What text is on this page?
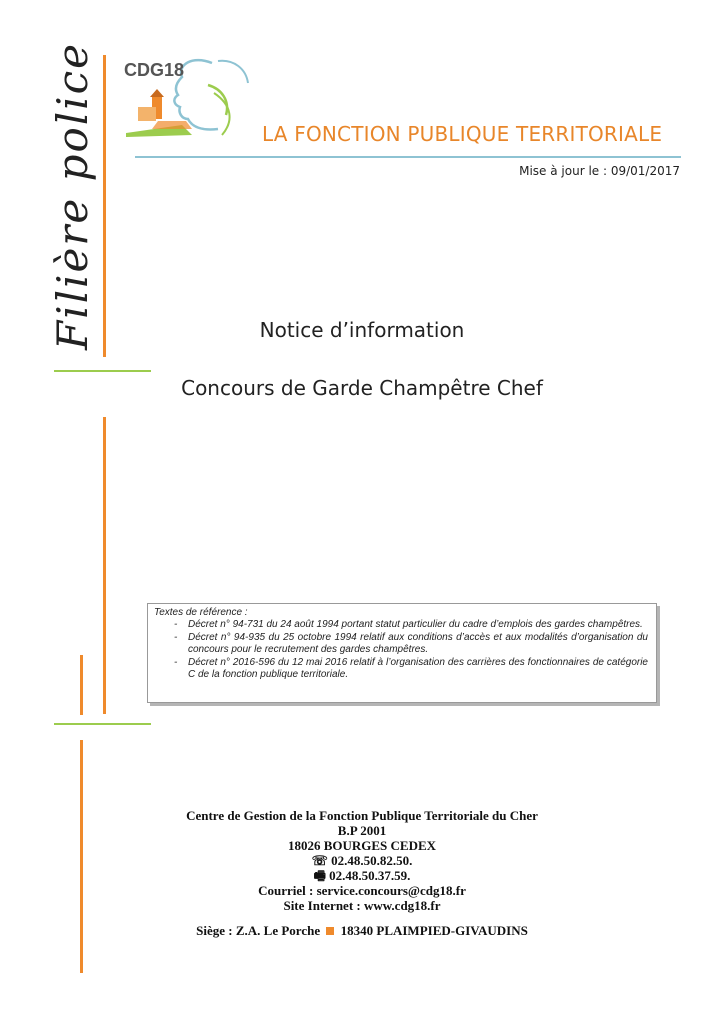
Filière police CDG18
LA FONCTION PUBLIQUE TERRITORIALE
Mise à jour le : 09/01/2017
Notice d’information
Concours de Garde Champêtre Chef
Textes de référence :
-	Décret n° 94-731 du 24 août 1994 portant statut particulier du cadre d’emplois des gardes champêtres.
-	Décret n° 94-935 du 25 octobre 1994 relatif aux conditions d’accès et aux modalités d’organisation du concours pour le recrutement des gardes champêtres.
-	Décret n° 2016-596 du 12 mai 2016 relatif à l’organisation des carrières des fonctionnaires de catégorie C de la fonction publique territoriale.
Centre de Gestion de la Fonction Publique Territoriale du Cher
B.P 2001
18026 BOURGES CEDEX
☏ 02.48.50.82.50.
🖷 02.48.50.37.59.
Courriel : service.concours@cdg18.fr
Site Internet : www.cdg18.fr
Siège : Z.A. Le Porche 18340 PLAIMPIED-GIVAUDINS
